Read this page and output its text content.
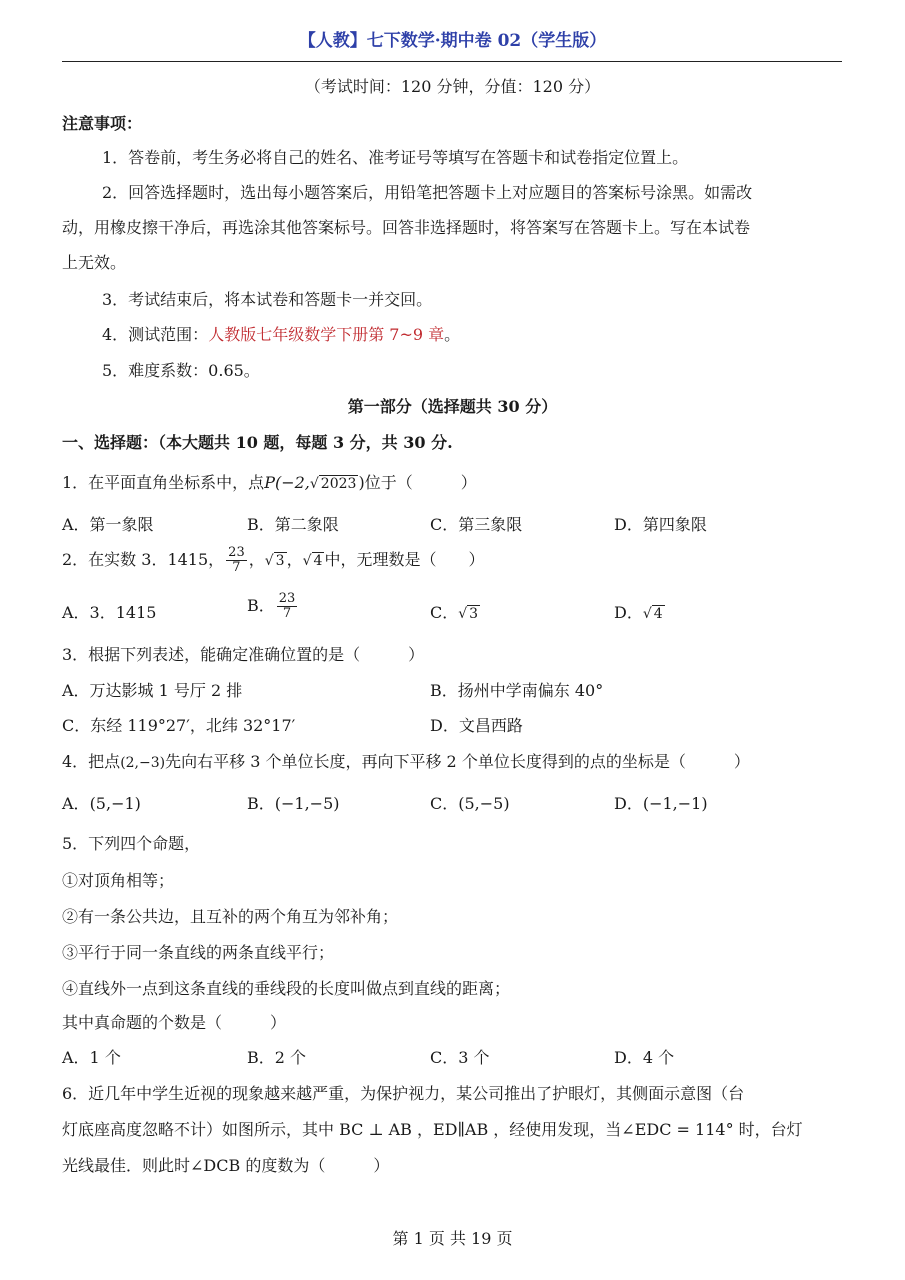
【人教】七下数学·期中卷 02（学生版）
（考试时间：120 分钟，分值：120 分）
注意事项：
1．答卷前，考生务必将自己的姓名、准考证号等填写在答题卡和试卷指定位置上。
2．回答选择题时，选出每小题答案后，用铅笔把答题卡上对应题目的答案标号涂黑。如需改
动，用橡皮擦干净后，再选涂其他答案标号。回答非选择题时，将答案写在答题卡上。写在本试卷
上无效。
3．考试结束后，将本试卷和答题卡一并交回。
4．测试范围：人教版七年级数学下册第 7~9 章。
5．难度系数：0.65。
第一部分（选择题共 30 分）
一、选择题：（本大题共 10 题，每题 3 分，共 30 分.
1．在平面直角坐标系中，点P(−2,√ 2023 )位于（　　　）
A．第一象限	B．第二象限	C．第三象限	D．第四象限
2．在实数 3．1415， $\frac{23}{7}$ ，√ 3 ，√ 4 中，无理数是（　　）
A．3．1415	B． $\frac{23}{7}$	C．√ 3	D．√ 4
3．根据下列表述，能确定准确位置的是（　　　）
A．万达影城 1 号厅 2 排	B．扬州中学南偏东 40°
C．东经 119°27′，北纬 32°17′	D．文昌西路
4．把点(2,−3)先向右平移 3 个单位长度，再向下平移 2 个单位长度得到的点的坐标是（　　　）
A．(5,−1)	B．(−1,−5)	C．(5,−5)	D．(−1,−1)
5．下列四个命题，
①对顶角相等；
②有一条公共边，且互补的两个角互为邻补角；
③平行于同一条直线的两条直线平行；
④直线外一点到这条直线的垂线段的长度叫做点到直线的距离；
其中真命题的个数是（　　　）
A．1 个	B．2 个	C．3 个	D．4 个
6．近几年中学生近视的现象越来越严重，为保护视力，某公司推出了护眼灯，其侧面示意图（台
灯底座高度忽略不计）如图所示，其中 BC ⊥ AB ，ED∥AB ，经使用发现，当∠EDC = 114° 时，台灯
光线最佳．则此时∠DCB 的度数为（　　　）
第 1 页 共 19 页
